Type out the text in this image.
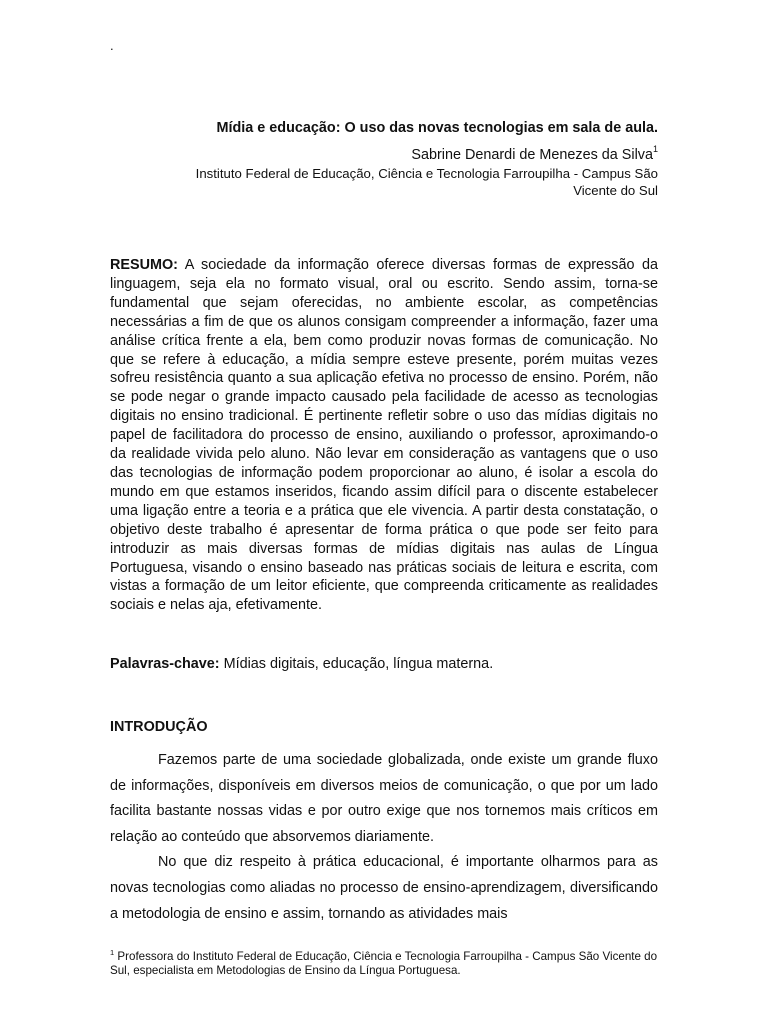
.
Mídia e educação: O uso das novas tecnologias em sala de aula.
Sabrine Denardi de Menezes da Silva$^1$
Instituto Federal de Educação, Ciência e Tecnologia Farroupilha - Campus São Vicente do Sul

RESUMO: A sociedade da informação oferece diversas formas de expressão da linguagem, seja ela no formato visual, oral ou escrito. Sendo assim, torna-se fundamental que sejam oferecidas, no ambiente escolar, as competências necessárias a fim de que os alunos consigam compreender a informação, fazer uma análise crítica frente a ela, bem como produzir novas formas de comunicação. No que se refere à educação, a mídia sempre esteve presente, porém muitas vezes sofreu resistência quanto a sua aplicação efetiva no processo de ensino. Porém, não se pode negar o grande impacto causado pela facilidade de acesso as tecnologias digitais no ensino tradicional. É pertinente refletir sobre o uso das mídias digitais no papel de facilitadora do processo de ensino, auxiliando o professor, aproximando-o da realidade vivida pelo aluno. Não levar em consideração as vantagens que o uso das tecnologias de informação podem proporcionar ao aluno, é isolar a escola do mundo em que estamos inseridos, ficando assim difícil para o discente estabelecer uma ligação entre a teoria e a prática que ele vivencia. A partir desta constatação, o objetivo deste trabalho é apresentar de forma prática o que pode ser feito para introduzir as mais diversas formas de mídias digitais nas aulas de Língua Portuguesa, visando o ensino baseado nas práticas sociais de leitura e escrita, com vistas a formação de um leitor eficiente, que compreenda criticamente as realidades sociais e nelas aja, efetivamente.

Palavras-chave: Mídias digitais, educação, língua materna.

INTRODUÇÃO

Fazemos parte de uma sociedade globalizada, onde existe um grande fluxo de informações, disponíveis em diversos meios de comunicação, o que por um lado facilita bastante nossas vidas e por outro exige que nos tornemos mais críticos em relação ao conteúdo que absorvemos diariamente.

No que diz respeito à prática educacional, é importante olharmos para as novas tecnologias como aliadas no processo de ensino-aprendizagem, diversificando a metodologia de ensino e assim, tornando as atividades mais

$^1$ Professora do Instituto Federal de Educação, Ciência e Tecnologia Farroupilha - Campus São Vicente do Sul, especialista em Metodologias de Ensino da Língua Portuguesa.
